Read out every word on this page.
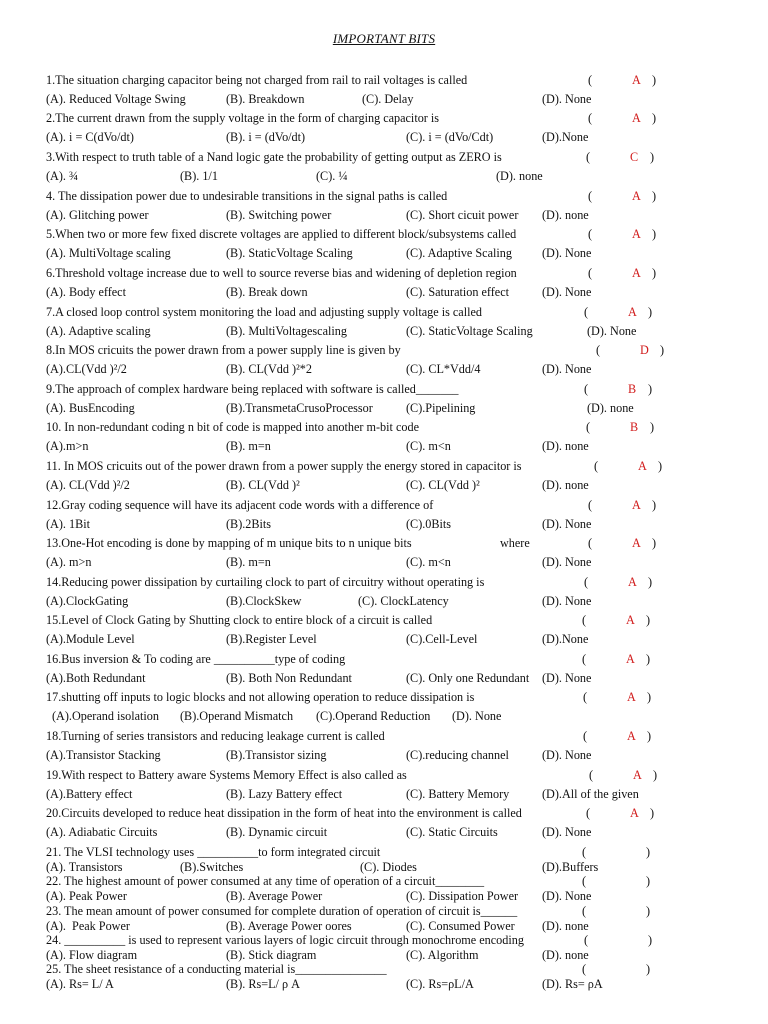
IMPORTANT BITS
1.The situation charging capacitor being not charged from rail to rail voltages is called	(	A )
(A). Reduced Voltage Swing	(B). Breakdown	(C). Delay	(D). None
2.The current drawn from the supply voltage in the form of charging capacitor is	(	A )
(A). i = C(dVo/dt)	(B). i = (dVo/dt)	(C). i = (dVo/Cdt)	(D).None
3.With respect to truth table of a Nand logic gate the probability of getting output as ZERO is	(	C )
(A). ¾	(B). 1/1	(C). ¼	(D). none
4. The dissipation power due to undesirable transitions in the signal paths is called	(	A )
(A). Glitching power	(B). Switching power	(C). Short cicuit power (D). none
5.When two or more few fixed discrete voltages are applied to different block/subsystems called	(	A )
(A). MultiVoltage scaling	(B). StaticVoltage Scaling	(C). Adaptive Scaling (D). None
6.Threshold voltage increase due to well to source reverse bias and widening of depletion region	(	A )
(A). Body effect	(B). Break down	(C). Saturation effect	(D). None
7.A closed loop control system monitoring the load and adjusting supply voltage is called	(	A )
(A). Adaptive scaling	(B). MultiVoltagescaling	(C). StaticVoltage Scaling	(D). None
8.In MOS cricuits the power drawn from a power supply line is given by	(	D )
(A).CL(Vdd )²/2	(B). CL(Vdd )²*2	(C). CL*Vdd/4	(D). None
9.The approach of complex hardware being replaced with software is called_______	(	B )
(A). BusEncoding	(B).TransmetaCrusoProcessor	(C).Pipelining	(D). none
10. In non-redundant coding n bit of code is mapped into another m-bit code	(	B )
(A).m>n	(B). m=n	(C). m<n	(D). none
11. In MOS cricuits out of the power drawn from a power supply the energy stored in capacitor is	(	A )
(A). CL(Vdd )²/2	(B). CL(Vdd )²	(C). CL(Vdd )²	(D). none
12.Gray coding sequence will have its adjacent code words with a difference of	(	A )
(A). 1Bit	(B).2Bits	(C).0Bits	(D). None
13.One-Hot encoding is done by mapping of m unique bits to n unique bits	where	(	A )
(A). m>n	(B). m=n	(C). m<n	(D). None
14.Reducing power dissipation by curtailing clock to part of circuitry without operating is	(	A )
(A).ClockGating	(B).ClockSkew	(C). ClockLatency	(D). None
15.Level of Clock Gating by Shutting clock to entire block of a circuit is called	(	A )
(A).Module Level	(B).Register Level	(C).Cell-Level	(D).None
16.Bus inversion & To coding are __________type of coding	(	A )
(A).Both Redundant	(B). Both Non Redundant	(C). Only one Redundant (D). None
17.shutting off inputs to logic blocks and not allowing operation to reduce dissipation is	(	A )
(A).Operand isolation (B).Operand Mismatch (C).Operand Reduction (D). None
18.Turning of series transistors and reducing leakage current is called	(	A )
(A).Transistor Stacking	(B).Transistor sizing	(C).reducing channel	(D). None
19.With respect to Battery aware Systems Memory Effect is also called as	(	A )
(A).Battery effect	(B). Lazy Battery effect	(C). Battery Memory	(D).All of the given
20.Circuits developed to reduce heat dissipation in the form of heat into the environment is called	(	A )
(A). Adiabatic Circuits	(B). Dynamic circuit	(C). Static Circuits	(D). None
21. The VLSI technology uses __________to form integrated circuit	(	)
(A). Transistors	(B).Switches	(C). Diodes	(D).Buffers
22. The highest amount of power consumed at any time of operation of a circuit________	(	)
(A). Peak Power	(B). Average Power	(C). Dissipation Power (D). None
23. The mean amount of power consumed for complete duration of operation of circuit is______	(	)
(A).  Peak Power	(B). Average Power oores	(C). Consumed Power (D). none
24. __________ is used to represent various layers of logic circuit through monochrome encoding	(	)
(A). Flow diagram	(B). Stick diagram	(C). Algorithm	(D). none
25. The sheet resistance of a conducting material is_______________	(	)
(A). Rs= L/ A	(B). Rs=L/ ρ A	(C). Rs=ρL/A	(D). Rs= ρA
